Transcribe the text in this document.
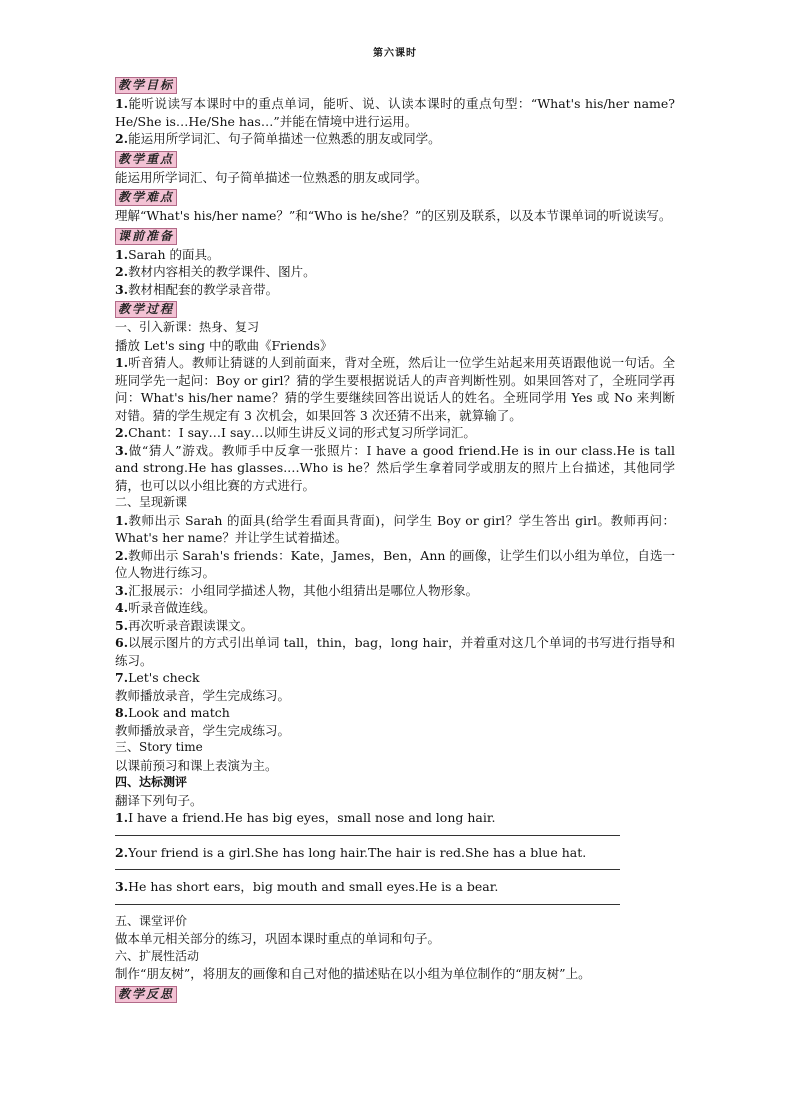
第六课时
教学目标

1.能听说读写本课时中的重点单词，能听、说、认读本课时的重点句型：“What's his/her name? He/She is…He/She has…”并能在情境中进行运用。

2.能运用所学词汇、句子简单描述一位熟悉的朋友或同学。

教学重点

能运用所学词汇、句子简单描述一位熟悉的朋友或同学。

教学难点

理解“What's his/her name？”和“Who is he/she？”的区别及联系，以及本节课单词的听说读写。

课前准备

1.Sarah 的面具。

2.教材内容相关的教学课件、图片。

3.教材相配套的教学录音带。

教学过程

一、引入新课：热身、复习

播放 Let's sing 中的歌曲《Friends》

1.听音猜人。教师让猜谜的人到前面来，背对全班，然后让一位学生站起来用英语跟他说一句话。全班同学先一起问：Boy or girl？猜的学生要根据说话人的声音判断性别。如果回答对了，全班同学再问：What's his/her name？猜的学生要继续回答出说话人的姓名。全班同学用 Yes 或 No 来判断对错。猜的学生规定有 3 次机会，如果回答 3 次还猜不出来，就算输了。

2.Chant：I say…I say…以师生讲反义词的形式复习所学词汇。

3.做“猜人”游戏。教师手中反拿一张照片：I have a good friend.He is in our class.He is tall and strong.He has glasses.…Who is he？然后学生拿着同学或朋友的照片上台描述，其他同学猜，也可以以小组比赛的方式进行。

二、呈现新课

1.教师出示 Sarah 的面具(给学生看面具背面)，问学生 Boy or girl？学生答出 girl。教师再问：What's her name？并让学生试着描述。

2.教师出示 Sarah's friends：Kate，James，Ben，Ann 的画像，让学生们以小组为单位，自选一位人物进行练习。

3.汇报展示：小组同学描述人物，其他小组猜出是哪位人物形象。

4.听录音做连线。

5.再次听录音跟读课文。

6.以展示图片的方式引出单词 tall，thin，bag，long hair，并着重对这几个单词的书写进行指导和练习。

7.Let's check

教师播放录音，学生完成练习。

8.Look and match

教师播放录音，学生完成练习。

三、Story time

以课前预习和课上表演为主。

四、达标测评

翻译下列句子。

1.I have a friend.He has big eyes，small nose and long hair.

2.Your friend is a girl.She has long hair.The hair is red.She has a blue hat.

3.He has short ears，big mouth and small eyes.He is a bear.

五、课堂评价

做本单元相关部分的练习，巩固本课时重点的单词和句子。

六、扩展性活动

制作“朋友树”，将朋友的画像和自己对他的描述贴在以小组为单位制作的“朋友树”上。

教学反思
